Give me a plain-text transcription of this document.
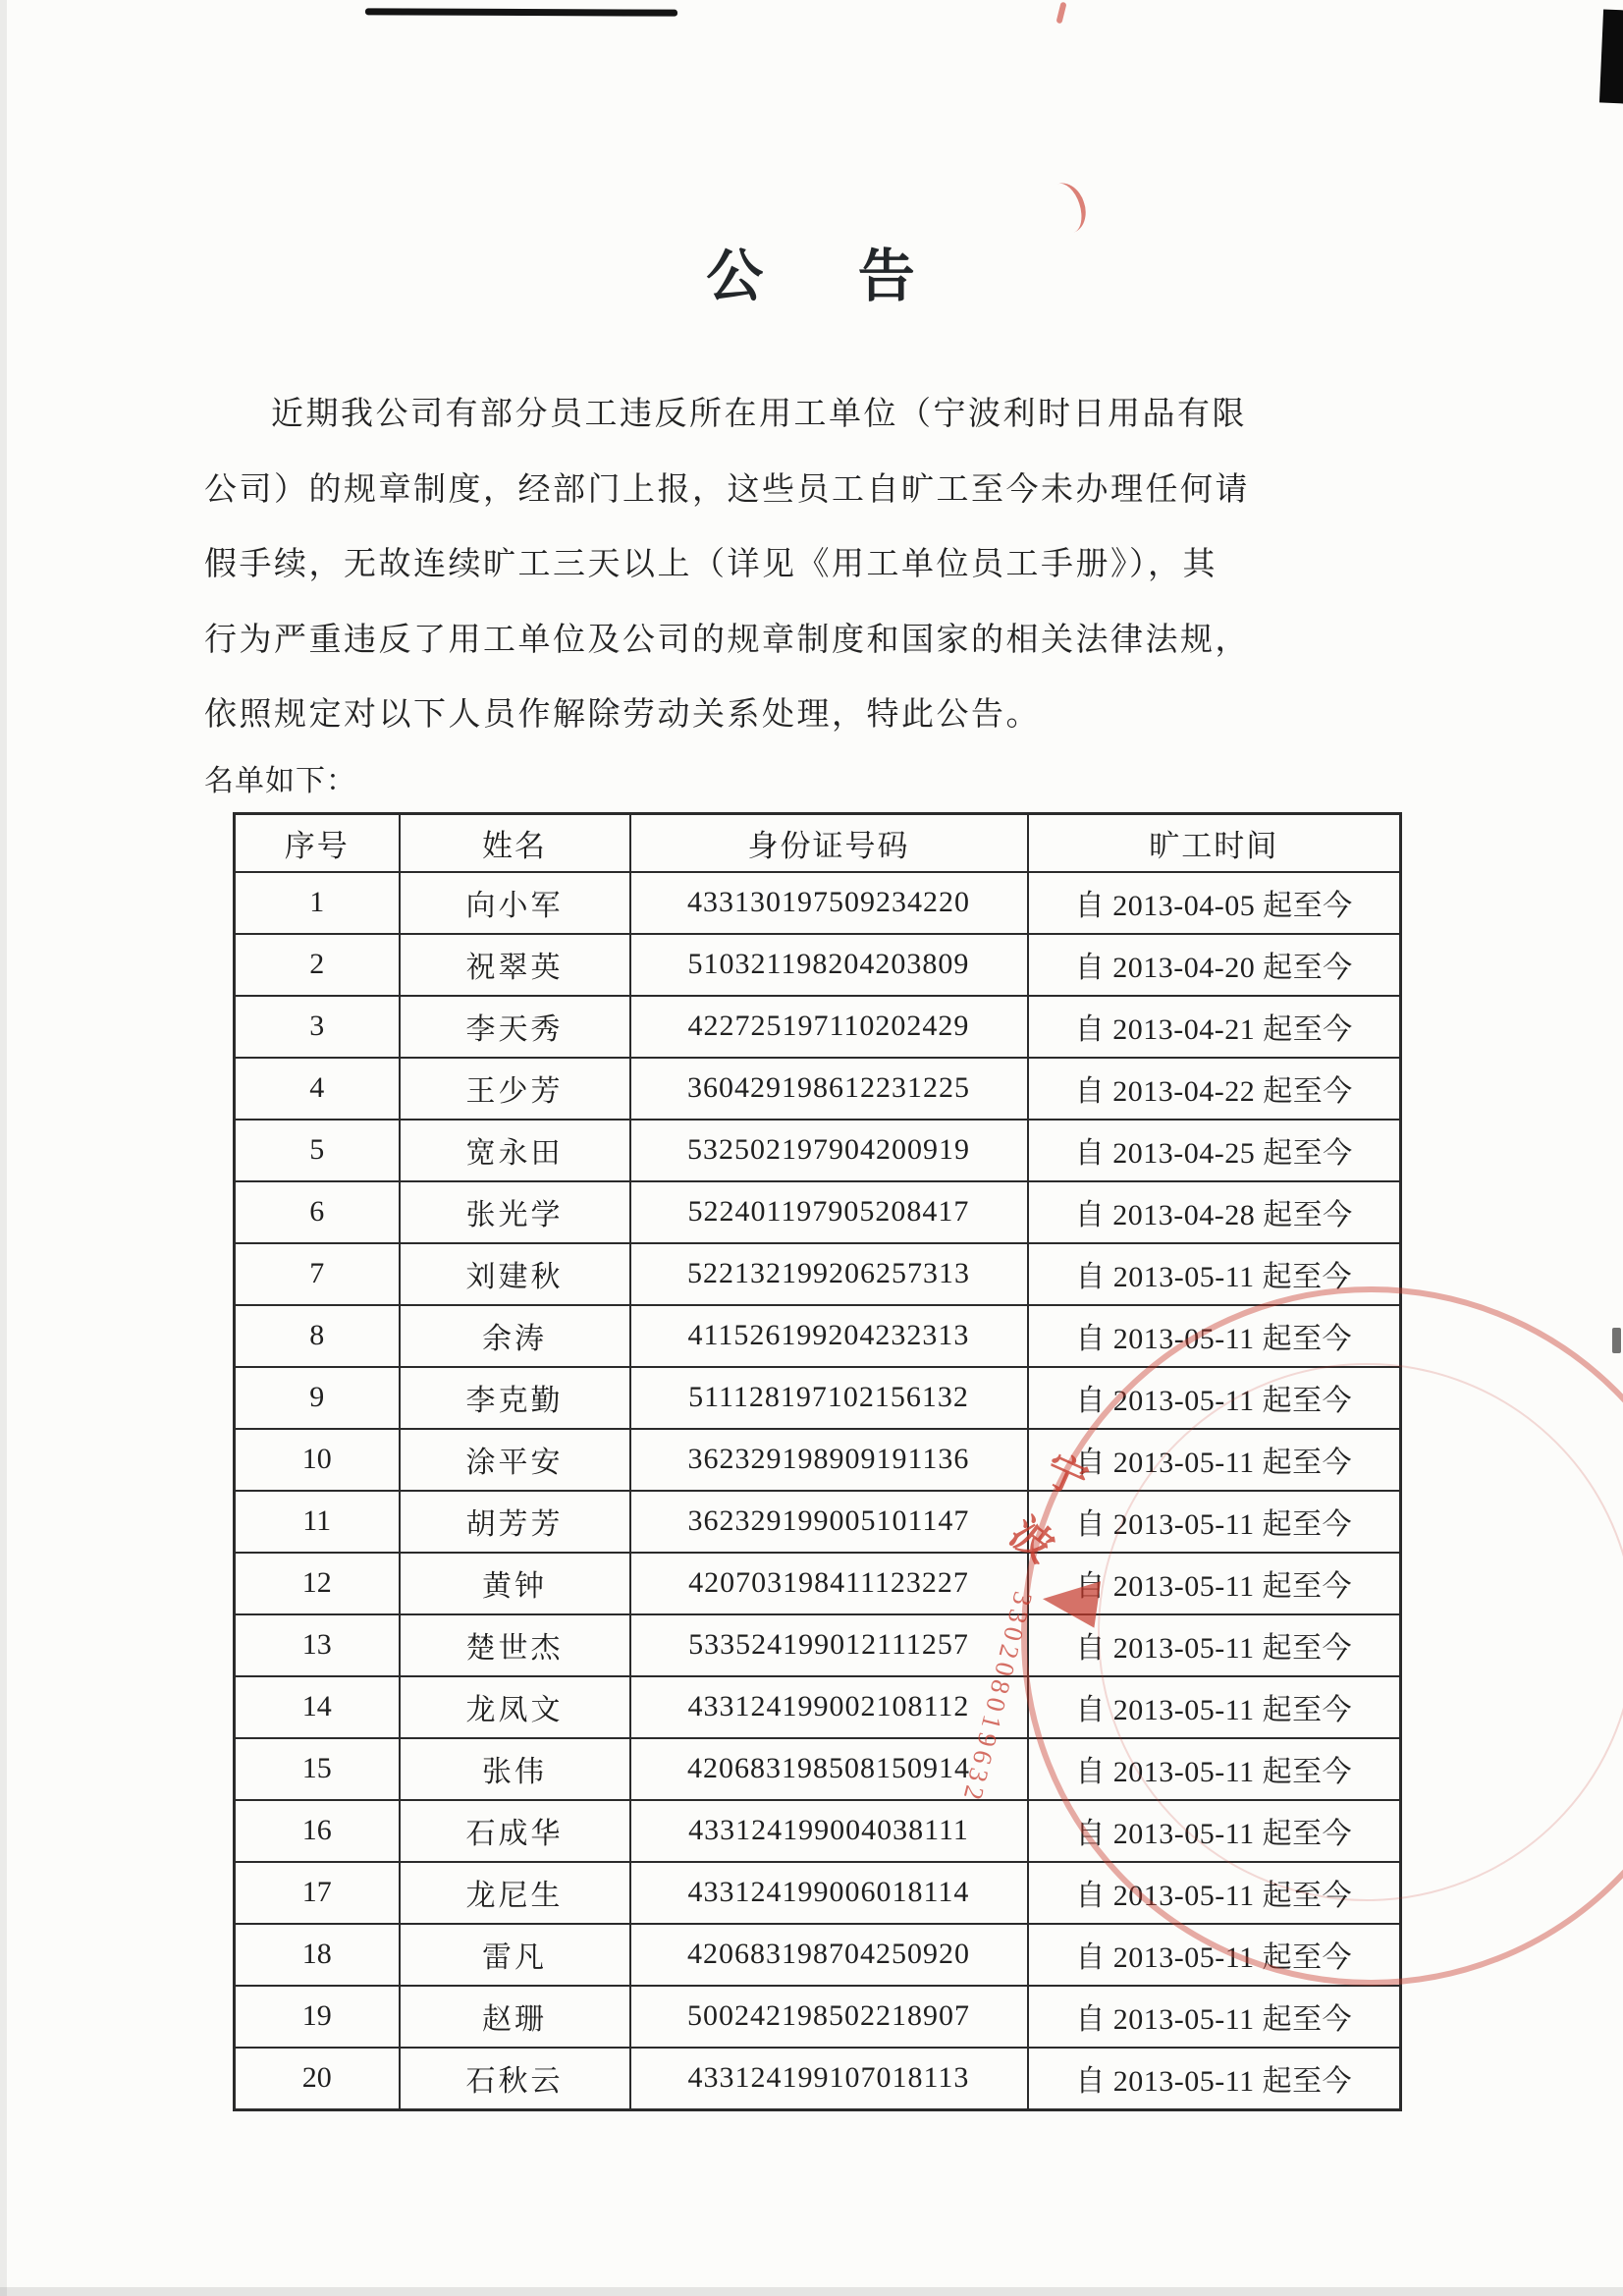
公 告
近期我公司有部分员工违反所在用工单位（宁波利时日用品有限
公司）的规章制度，经部门上报，这些员工自旷工至今未办理任何请
假手续，无故连续旷工三天以上（详见《用工单位员工手册》），其
行为严重违反了用工单位及公司的规章制度和国家的相关法律法规，
依照规定对以下人员作解除劳动关系处理，特此公告。
名单如下：
序号	姓名	身份证号码	旷工时间
1	向小军	433130197509234220	自 2013-04-05 起至今
2	祝翠英	510321198204203809	自 2013-04-20 起至今
3	李天秀	422725197110202429	自 2013-04-21 起至今
4	王少芳	360429198612231225	自 2013-04-22 起至今
5	宽永田	532502197904200919	自 2013-04-25 起至今
6	张光学	522401197905208417	自 2013-04-28 起至今
7	刘建秋	522132199206257313	自 2013-05-11 起至今
8	余涛	411526199204232313	自 2013-05-11 起至今
9	李克勤	511128197102156132	自 2013-05-11 起至今
10	涂平安	362329198909191136	自 2013-05-11 起至今
11	胡芳芳	362329199005101147	自 2013-05-11 起至今
12	黄钟	420703198411123227	自 2013-05-11 起至今
13	楚世杰	533524199012111257	自 2013-05-11 起至今
14	龙凤文	433124199002108112	自 2013-05-11 起至今
15	张伟	420683198508150914	自 2013-05-11 起至今
16	石成华	433124199004038111	自 2013-05-11 起至今
17	龙尼生	433124199006018114	自 2013-05-11 起至今
18	雷凡	420683198704250920	自 2013-05-11 起至今
19	赵珊	500242198502218907	自 2013-05-11 起至今
20	石秋云	433124199107018113	自 2013-05-11 起至今
宁
波
330208019632
